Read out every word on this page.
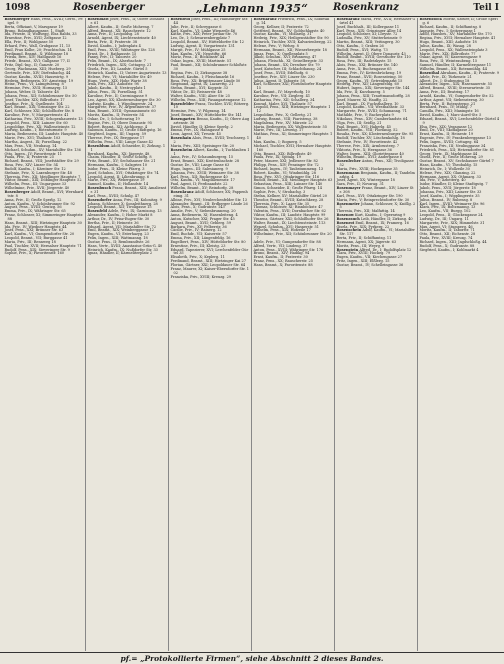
1098	Rosenberger	„Lehmann 1935“	Rosenkranz	Teil I
Rosenberger Hans, Pens., XVIII; Gerst., Feigel. 9
Berta, Offiziant, V, Marsgasse 19
Bruno, Rolandhausgasse, 1. Stadt
Ida, Private, II; Wolfsegg, Elsa Rabbi, 33
Ernestine, Priv., XVII; Zeltgasse 12
Ella, Priv., II; Wohlgasse 50
Erhard, Priv., Wall, Grubgasse 11, 15
Emil, Frau Kolbe, 20; Feuchtschin. 14
Ferdinand, Beamt., X; Wildgasse 18
Frieda, Bew., XIV; Hadlgasse 16
Friedr., Beamt., XVI; Gallgasse 77, II
Fritz, Dipl.-Ing., II; Ganzstr. 20
Georg, Wachmann, XIII; Hueberg. 29
Gertrude, Priv., XIV; Diefenbachg. 44
Gustav, Kaufm., XVIII; Hauswirtg. 9
Hedwig, Bedienerin, XV; Arnsteing. 19
Heinr., Pens., VI; Laimgrubeng. 8
Hermine, Priv., XVII; Hormayrg. 15
Johann, Weber, II; Taborstr. 48
Johann, Pens., XII; Schönbrunner Str. 50
Josef, Tischler, XIX; Billrothstr. 17
Josefine, Priv., X; Quellenstr. 104
Karl, Beamt., XIX; Grinzinger Str. 22
Karl, Schlosser, XXI; Schloßhofer Str. 8
Karoline, Priv., V; Margaretenstr. 41
Katharina, Priv., XVIII; Schopenhauerstr. 13
Leopold, Pens., XIII; Lainzer Str. 60
Leopoldine, Priv., XX; Wallensteinstr. 12
Ludwig, Kaufm., I; Rotenturmstr. 9
Maria, Bedienerin, III; Landstr. Hauptstr. 40
Marie, Priv., XVI; Thaliastr. 103
Martha, Angest., IX; Porzellang. 22
Max, Pens., VII; Neubaug. 14
Michael, Schuhm., XV; Mariahilfer Str. 136
Otto, Ingen., IV; Favoritenstr. 11
Paula, Priv., II; Praterstr. 25
Richard, Beamt., VIII; Josefstädter Str. 29
Rosa, Priv., XIV; Linzer Str. 54
Rudolf, Kaufm., I; Kärntner Str. 12
Stefanie, Priv., X; Laxenburger Str. 48
Theresia, Priv., XII; Meidlinger Hauptstr. 7
Viktor, Beamt., XIX; Döblinger Hauptstr. 52
Wilhelm, Pens., III; Ungargasse 33
Wilhelmine, Priv., XVII; Jörgerstr. 40
Rosenberger Adolf, Beamt., XVI; Wernhardtstr. 8
Anna, Priv., II; Große Sperlg. 12
Anton, Kaufm., V; Schönbrunner Str. 92
August, Pens., XVIII; Gentzg. 56
Emma, Priv., IX; Währinger Str. 65
Franz, Schlosser, XI; Simmeringer Hauptstr. 88
Hans, Beamt., XIII; Hietzinger Hauptstr. 30
Ida, Priv., IV; Wiedner Hauptstr. 44
Josef, Pens., XXI; Brünner Str. 63
Karl, Kaufm., VI; Gumpendorfer Str. 20
Leopold, Beamt., VII; Burggasse 41
Maria, Priv., III; Rennweg 18
Paul, Tischler, XVII; Hernalser Hauptstr. 71
Rudolf, Pens., XIX; Sieveringer Str. 9
Sophie, Priv., X; Favoritenstr. 160
Rosenblatt Josef, Pens., II; Obere Donaustr. 61
Albert, Kaufm., II; Große Mohreng. 7
Alfred, Beamt., XX; Rauscherstr. 12
Anna, Priv., II; Leopoldsg. 28
Arnold, Agent, IX; Liechtensteinstr. 40
Berta, Priv., II; Praterstr. 38
David, Kaufm., I; Judenplatz 4
Emil, Pens., XVIII; Währinger Str. 128
Ernst, Dr., I; Rathausstr. 15
Fanny, Priv., II; Taborstr. 20
Felix, Beamt., IX; Alserbachstr. 7
Friedrich, Ingen., XIX; Cottageg. 21
Gisela, Priv., III; Landstr. Gürtel 5
Heinrich, Kaufm., II; Untere Augartenstr. 13
Helene, Priv., VI; Mariahilfer Str. 49
Hugo, Vertr., XIX; Hohe Warte 38
Irma, Priv., XIII; Auhofstr. 98
Jakob, Kaufm., II; Nestroyplatz 1
Julius, Pens., IX; Porzellang. 51
Karoline, Priv., II; Czerningasse 9
Leo, Agent, XX; Klosterneuburger Str. 30
Ludwig, Kaufm., I; Wipplingerstr. 24
Margarete, Priv., IV; Argentinierstr. 37
Max, Beamt., XVIII; Gymnasiumstr. 60
Moritz, Kaufm., II; Praterstr. 54
Oskar, Dr., I; Schottenring 19
Regine, Priv., II; Obere Donaustr. 95
Robert, Beamt., XII; Aichhorng. 4
Salomon, Kaufm., II; Große Stadtgutg. 16
Siegfried, Ingen., III; Ungarg. 59
Therese, Priv., IX; Berggasse 17
Wilhelm, Pens., VIII; Lange Gasse 42
Rosenblum Adolf, Schneider, II; Zirkusg. 11
Bernhard, Kaufm., XX; Jägerstr. 48
Chaim, Händler, II; Große Schiffg. 8
Fritz, Beamt., XV; Sechshauser Str. 21
Hermann, Kaufm., I; Salzgries 10
Isidor, Pens., II; Kleine Pfarrg. 3
Josef, Schuhm., XVI; Ottakringer Str. 74
Leopold, Agent, II; Lilienbrunng. 6
Marie, Priv., XX; Webergasse 19
Samuel, Kaufm., II; Hollandstr. 14
Rosenbusch Franz, Beamt., XIII; Amalienstr. 31
Karl, Pens., XVIII; Schulg. 47
Rosendorfer Anna, Priv., III; Kolonitzg. 9
Johann, Schlosser, X; Sonnleithnerg. 28
Leopold, Beamt., XII; Tivoligasse 15
Rosenfeld Adele, Priv., IX; Garnisong. 13
Alexander, Kaufm., I; Hoher Markt 8
Arthur, Dr., IV; Prinz-Eugen-Str. 30
Bertha, Priv., II; Heinestr. 36
Eduard, Agent, VII; Mariahilfer Str. 72
Emil, Beamt., XIX; Weinberggasse 12
Eugen, Kaufm., VI; Esterhazyg. 23
Felix, Ingen., XIII; Wattmanng. 18
Gustav, Pens., II; Rembrandtstr. 26
Hans, Vertr., XVIII; Anastasius-Grün-G. 40
Heinrich, Kaufm., IX; Nußdorfer Str. 33
Ignaz, Händler, II; Karmeliterplatz 2
Rosenfeld Josef, Pens., III; Hainburger Str. 44
Julie, Priv., II; Schreygasse 6
Karl, Kaufm., VI; Linke Wienzeile 46
Käthe, Priv., XIX; Peter-Jordan-Str. 70
Leo, Dr., I; Schwarzenbergplatz 7
Leopold, Beamt., XV; Hütteldorfer Str. 12
Ludwig, Agent, II; Vorgartenstr. 131
Margit, Priv., IV; Mühlgasse 25
Max, Kaufm., VII; Neustiftg. 66
Moriz, Pens., II; Böcklinstr. 44
Oskar, Ingen., XVIII; Martinstr. 51
Paul, Beamt., XII; Schönbrunner Schloßstr. 30
Regina, Priv., II; Zirkusgasse 38
Richard, Kaufm., I; Fleischmarkt 16
Rosa, Priv., XX; Brigittenauer Lände 50
Siegmund, Agent, IX; Lazarettg. 21
Stefan, Beamt., XVI; Koppstr. 33
Viktor, Dr., III; Reisnerstr. 48
Walter, Kaufm., VIII; Alser Str. 25
Wilhelm, Pens., XIII; Fasangartengasse 12
Rosenfelder Franz, Tischler, XVII; Rötzerg. 10
Hermine, Priv., V; Pilgramg. 14
Josef, Beamt., XIV; Hütteldorfer Str. 141
Rosengarten Benno, Kaufm., II; Obere Augartenstr. 36
David, Händler, II; Kleine Sperlg. 2
Emma, Priv., IX; Hahngasse 6
Leon, Agent, XX; Treustr. 45
Rosenhain Alois, Pens., XVIII; Teschnerg. 12
Maria, Priv., XIII; Speisinger Str. 20
Rosenheim Albert, Kaufm., I; Tuchlauben 11
Anna, Priv., IV; Schaumburgerg. 15
Ernst, Beamt., XIX; Krottenbachstr. 28
Gustav, Dr., VIII; Lange Gasse 63
Hugo, Ingen., III; Salesianerg. 9
Johanna, Priv., XVIII; Weimarer Str. 38
Karl, Pens., XII; Ruckergasse 40
Otto, Kaufm., VI; Magdalenenstr. 17
Paul, Agent, II; Ferdinandstr. 22
Wilhelm, Beamt., XV; Reindorfg. 28
Rosenkranz Adolf, Schlosser, XX; Pappenheimg. 31
Albine, Priv., XVI; Neulerchenfelder Str. 13
Alexander, Beamt., III; Erdberger Lände 26
Alois, Pens., X; Gudrunstr. 143
Amalie, Priv., V; Siebenbrunneng. 20
Anna, Bedienerin, XI; Hasenleiteng. 4
Anton, Kutscher, XXI; Prager Str. 45
August, Beamt., XVII; Geblerg. 59
Barbara, Priv., XV; Felberstr. 36
Cäcilie, Priv., IV; Rainerg. 12
Emil, Buchdr., VII; Kaiserstr. 57
Emma, Priv., XII; Längenfeldg. 16
Engelbert, Pens., XIV; Hütteldorfer Str. 80
Ernestine, Priv., III; Kleistg. 23
Eduard, Tapezierer, XVI; Lerchenfelder Gürtel 35
Elisabeth, Priv., X; Keplerg. 11
Ferdinand, Beamt., XIII; Hietzinger Kai 27
Florian, Gärtner, XXI; Leopoldauer Str. 64
Franz, Maurer, XI; Kaiser-Ebersdorfer Str. 102
Franziska, Priv., XVIII; Kreuzg. 29
Rosenkranz Friedrich, Pens., IX; Sobieskig. 14
Georg, Kellner, II; Praterstr. 72
Gottfried, Beamt., XV; Goldschlagstr. 40
Gustav, Kaufm., VI; Mollardg. 31
Hedwig, Priv., XIX; Heiligenstädter Str. 90
Heinrich, Tischler, XVII; Kalvarienbergg. 22
Helene, Priv., V; Wehrg. 8
Hermann, Beamt., XII; Wienerbergstr. 18
Ignaz, Pens., X; Quellenplatz 5
Jakob, Schuhm., XVI; Brunneng. 47
Johann, Fleischh., XI; Geiselbergstr. 33
Johann, Beamt., XX; Dresdner Str. 79
Josef, Kutscher, III; Schlachthausg. 24
Josef, Pens., XVIII; Edelhofg. 6
Josefine, Priv., XIV; Linzer Str. 230
Julius, Agent, II; Taborstr. 58
Karl, Schlosser, XXI; Floridsdorfer Hauptstr. 15
Karl, Beamt., IV; Mayerhofg. 10
Karoline, Priv., VII; Zieglerg. 41
Katharina, Priv., XII; Schallerg. 34
Konrad, Maler, XVI; Thaliastr. 57
Leopold, Pens., XIII; Hietzinger Hauptstr. 112
Leopoldine, Priv., X; Gellertg. 21
Ludwig, Beamt., VIII; Piaristeng. 38
Magdalena, Priv., XV; Märzstr. 22
Maria, Bedienerin, XX; Wallensteinstr. 55
Marie, Priv., III; Löweng. 17
Mathias, Pens., XI; Simmeringer Hauptstr. 140
Max, Kaufm., I; Bognerg. 5
Michael, Tischler, XVII; Hernalser Hauptstr. 160
Otto, Beamt., XIX; Billrothstr. 49
Paula, Priv., IX; Spitalg. 19
Peter, Maurer, XXI; Jedleseer Str. 82
Philipp, Pens., XIV; Penzinger Str. 72
Richard, Ingen., IV; Taubstummeng. 13
Robert, Kaufm., VI; Windmühlg. 28
Rosa, Priv., XVI; Ottakringer Str. 116
Rudolf, Beamt., XII; Meidlinger Hauptstr. 63
Sebastian, Pens., XIII; Lainzer Str. 140
Simon, Schneider, II; Große Pfarrg. 14
Sophie, Priv., V; Strobachg. 3
Stefan, Kellner, XV; Mariahilfer Gürtel 20
Theodor, Beamt., XVIII; Kutschkerg. 28
Theresia, Priv., X; Laaer Str. 35
Thomas, Schlosser, XI; Rinnböckstr. 47
Valentin, Pens., XVII; Dornbacher Str. 62
Viktor, Kaufm., III; Landstr. Hauptstr. 99
Vinzenz, Gärtner, XXI; Schloßhofer Str. 26
Walter, Beamt., IX; Liechtensteinstr. 113
Wenzel, Schuhm., XVI; Hasnerstr. 51
Wilhelm, Pens., XIX; Hofzeile 17
Wilhelmine, Priv., XII; Schönbrunner Str. 207
Adele, Priv., VI; Gumpendorfer Str. 88
Alfred, Vertr., VII; Lindeng. 37
Anton, Pens., XVIII; Währinger Str. 176
Bruno, Beamt., XIV; Hadikg. 94
Ernst, Kaufm., II; Praterstr. 30
Franz, Pens., XX; Rauscherstr. 25
Hans, Beamt., X; Favoritenstr. 88
Rosenkranz Maria, Priv., XVII; Hernalser Gürtel 41
Josef, Buchhalt., III; Kollergasse 11
Karl, Pens., XIX; Grinzinger Allee 14
Leopold, Schlosser, XI; Lorystr. 72
Ludmilla, Priv., XV; Stutterheimstr. 9
Martin, Beamt., XIII; Veitingerg. 30
Otto, Kaufm., I; Graben 26
Rudolf, Pens., XVI; Wattg. 73
Wilhelm, Agent, II; Obere Donaustr. 43
Rudolf, Beamt., XVIII; Gersthofer Str. 110
Rosa, Priv., III; Radetzkystr. 15
Alois, Pens., XXI; Brünner Str. 140
Anna, Priv., X; Buchengasse 65
Emma, Priv., IV; Kettenbrückeng. 19
Franz, Beamt., XVII; Rosensteing. 50
Georg, Kaufm., VI; Getreidemarkt 15
Hedwig, Priv., XII; Längenfeldg. 60
Hubert, Ingen., XIX; Sieveringer Str. 144
Ida, Priv., II; Kurzbauerg. 5
Johann, Pens., XIII; Trauttmansdorffg. 28
Josef, Maurer, XI; Hauffg. 22
Karl, Beamt., IX; Fuchsthallerg. 10
Leopold, Kaufm., VII; Westbahnstr. 33
Margarete, Priv., XVIII; Schumanng. 71
Mathilde, Priv., V; Bacherplatz 9
Nikolaus, Pens., XIV; Cumberlandstr. 64
Olga, Priv., III; Seidlg. 21
Paul, Beamt., XVI; Haberlg. 45
Robert, Kaufm., VIII; Florianig. 52
Rosalia, Priv., XX; Klosterneuburger Str. 95
Rudolf, Tischler, XV; Löschenkohlg. 18
Stefanie, Priv., IV; Favoritenstr. 42
Therese, Priv., XIX; Armbrusterg. 7
Viktoria, Priv., X; Herzgasse 36
Walter, Ingen., XIII; Gloriettegasse 40
Wilhelm, Beamt., XVII; Andergasse 6
Rosenlecher Anton, Pens., XII; Tivoligasse 52
Maria, Priv., XVIII; Hockegasse 35
Rosenmann Benjamin, Kaufm., II; Tandelmarktg. 4
Josef, Agent, XX; Wintergasse 18
Sara, Priv., II; Novarag. 31
Rosenmayer Franz, Beamt., XIV; Linzer Str. 308
Karl, Pens., XVI; Ottakringer Str. 190
Maria, Priv., V; Reinprechtsdorfer Str. 30
Rosenmeier Johann, Schlosser, X; Knöllg. 25
Theresia, Priv., XII; Malfattig. 14
Rosenow Kurt, Kaufm., I; Opernring 9
Rosenrauch Leib, Händler, II; Zirkusg. 40
Rosenrot Emil, Beamt., IX; Pramerg. 16
Gisela, Priv., XIX; Pyrkerg. 22
Rosenschein Adolf, Kaufm., VI; Mariahilfer Str. 117
Berta, Priv., II; Schiffamtsg. 11
Hermann, Agent, XX; Jägerstr. 63
Moritz, Pens., III; Weyrg. 6
Rosenstein Alfred, Dr., I; Rudolfsplatz 12
Clara, Priv., XVIII; Hockeg. 79
Eugen, Kaufm., VII; Kirchengasse 27
Fritz, Ingen., XIII; Elßlerg. 15
Gustav, Beamt., IV; Schelleingasse 36
Rosenstock Moritz, Sattler, II; Große Sperlg. 6
Richard, Kaufm., II; Schiffamtsg. 8
Auguste, Priv., I; Seitzergasse 1
Adolf, Hausbes., XV; Mariahilfer Str. 170
Regina, Priv., XVII; Hernalser Hauptstr. 41
Hugo, Beamt., XIII; Auhofstr. 18
Julius, Kaufm., IX; Wasag. 28
Leopold, Pens., XX; Wallensteinplatz 3
Marie, Priv., XIX; Billrothstr. 77
Oskar, Agent, VI; Kasernengasse 9
Rosa, Priv., II; Weintraubeng. 15
Samuel, Händler, II; Karmelitergasse 11
Wilhelm, Beamt., XII; Rotenmühlg. 44
Rosenthal Abraham, Kaufm., II; Praterstr. 9
Adele, Priv., IX; Türkenstr. 21
Albert, Dr., I; Stubenring 18
Alexander, Ingen., XIX; Hasenauerstr. 55
Alfred, Beamt., XVIII; Sternwartestr. 35
Anna, Priv., III; Beatrixg. 17
Arnold, Kaufm., VI; Gumpendorfer Str. 52
Arthur, Agent, VII; Siebensterng. 30
Berta, Priv., II; Rotensterng. 21
Bernhard, Pens., IV; Mühlg. 7
Camilla, Priv., XIII; Maxingstr. 16
David, Kaufm., I; Marc-Aurel-Str. 5
Eduard, Beamt., XVI; Lerchenfelder Gürtel 49
Elsa, Priv., XIX; Vegagasse 12
Emil, Dr., VIII; Skodagasse 20
Ernst, Kaufm., II; Heinestr. 19
Eugenie, Priv., IV; Frankenberggasse 13
Felix, Ingen., XVIII; Cottageg. 64
Franziska, Priv., III; Neulinggasse 34
Friedrich, Pens., XII; Hetzendorfer Str. 81
Georg, Vertr., IX; Marktgasse 44
Gisela, Priv., II; Große Mohreng. 29
Gustav, Beamt., XV; Sechshauser Gürtel 7
Hans, Kaufm., VI; Theobaldg. 15
Heinrich, Dr., I; Wollzeile 30
Helene, Priv., XIX; Glanzing. 22
Hermann, Agent, XX; Othmarg. 33
Ida, Priv., V; Arbeiterg. 40
Isidor, Händler, II; Kleine Stadtgutg. 7
Jakob, Pens., XVII; Jörgerstr. 18
Johanna, Priv., XIII; Lainzer Str. 33
Josef, Kaufm., I; Wipplingerstr. 35
Julius, Beamt., IV; Rubensg. 8
Karl, Ingen., XVIII; Weimarer Str. 96
Klara, Priv., IX; Boltzmanng. 13
Leo, Kaufm., VII; Burgg. 102
Leopold, Pens., II; Glockengasse 24
Ludwig, Dr., III; Ungarg. 11
Margarete, Priv., XIX; Himmelstr. 31
Max, Agent, VI; Stumperg. 46
Moritz, Kaufm., II; Taborstr. 71
Otto, Beamt., XII; Eichenstr. 28
Paula, Priv., XVIII; Kreuzg. 74
Richard, Ingen., XIII; Jagdschloßg. 44
Rudolf, Pens., X; Gudrunstr. 88
Siegfried, Kaufm., I; Kohlmarkt 4
pf.= „Protokollierte Firmen“, siehe Abschnitt 2 dieses Bandes.
